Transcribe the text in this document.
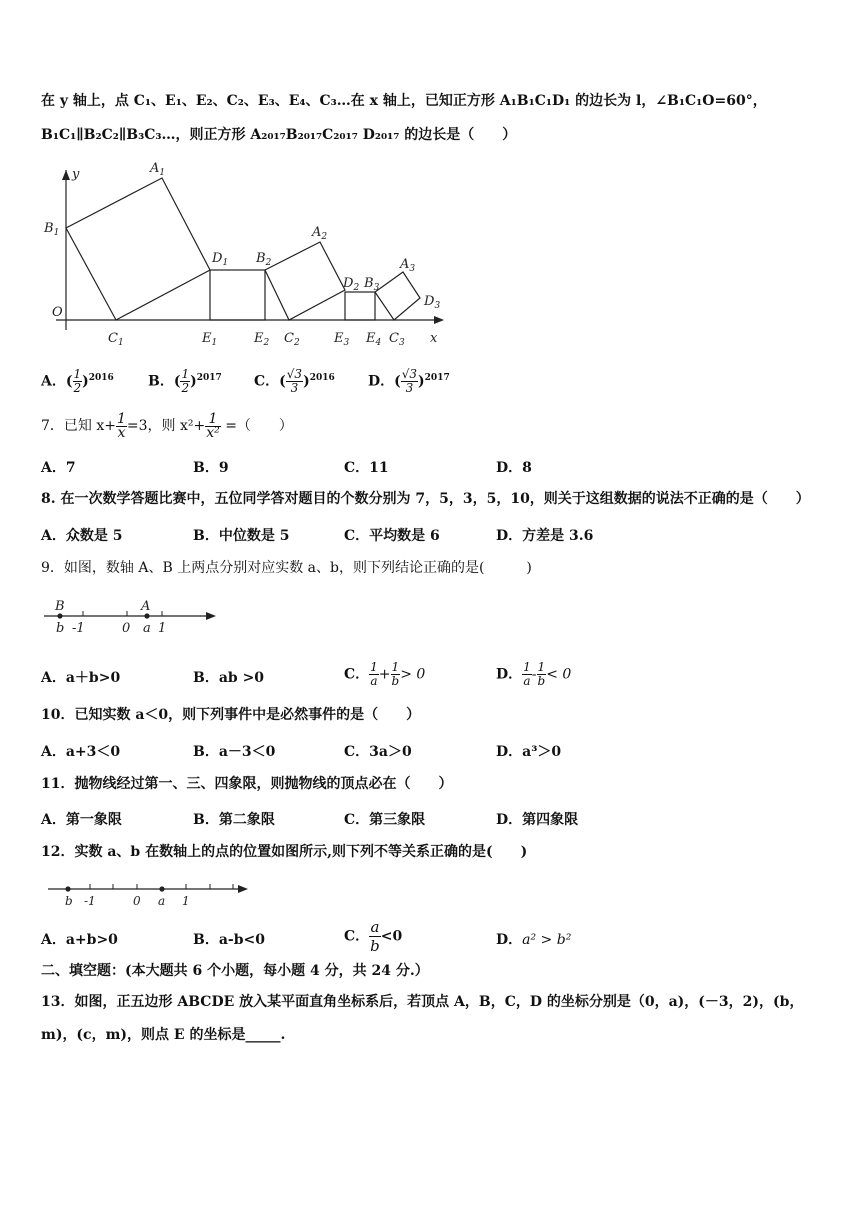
在 y 轴上，点 C₁、E₁、E₂、C₂、E₃、E₄、C₃…在 x 轴上，已知正方形 A₁B₁C₁D₁ 的边长为 l，∠B₁C₁O=60°，
B₁C₁∥B₂C₂∥B₃C₃…，则正方形 A₂₀₁₇B₂₀₁₇C₂₀₁₇ D₂₀₁₇ 的边长是（　　）
y
O
x
$A_1$
$B_1$
$C_1$
$D_1$
$E_1$
$B_2$
$E_2$ $C_2$
$A_2$
$D_2$ $B_3$
$E_3$ $E_4$ $C_3$
$A_3$
$D_3$
A．( $\frac{1}{2} )^{2016}$ B．( $\frac{1}{2} )^{2017}$ C．( $\frac{√3}{3} )^{2016}$ D．( $\frac{√3}{3} )^{2017}$
7．已知 $x+ \frac{1}{x} =3$，则 $x^2+ \frac{1}{\text{x²}}$ =（　　）
A．7	B．9	C．11	D．8
8. 在一次数学答题比赛中，五位同学答对题目的个数分别为 7，5，3，5，10，则关于这组数据的说法不正确的是（　　）
A．众数是 5	B．中位数是 5	C．平均数是 6	D．方差是 3.6
9．如图，数轴 A、B 上两点分别对应实数 a、b，则下列结论正确的是(　　　)
B	A
b -1	0 a 1
A．a＋b>0	B．ab >0	C． $\frac{1}{a} + \frac{1}{b} > 0$	D． $\frac{1}{a} - \frac{1}{b} < 0$
10．已知实数 a＜0，则下列事件中是必然事件的是（　　）
A．a+3＜0	B．a－3＜0	C．3a＞0	D．a³＞0
11．抛物线经过第一、三、四象限，则抛物线的顶点必在（　　）
A．第一象限	B．第二象限	C．第三象限	D．第四象限
12．实数 a、b 在数轴上的点的位置如图所示,则下列不等关系正确的是(　　)
b -1	0 a 1
A．a+b>0	B．a-b<0	C． $\frac{a}{b} <0$	D．a² > b²
二、填空题：(本大题共 6 个小题，每小题 4 分，共 24 分.）
13．如图，正五边形 ABCDE 放入某平面直角坐标系后，若顶点 A，B，C，D 的坐标分别是（0，a)，(－3，2)，(b，
m)，(c，m)，则点 E 的坐标是_____.
